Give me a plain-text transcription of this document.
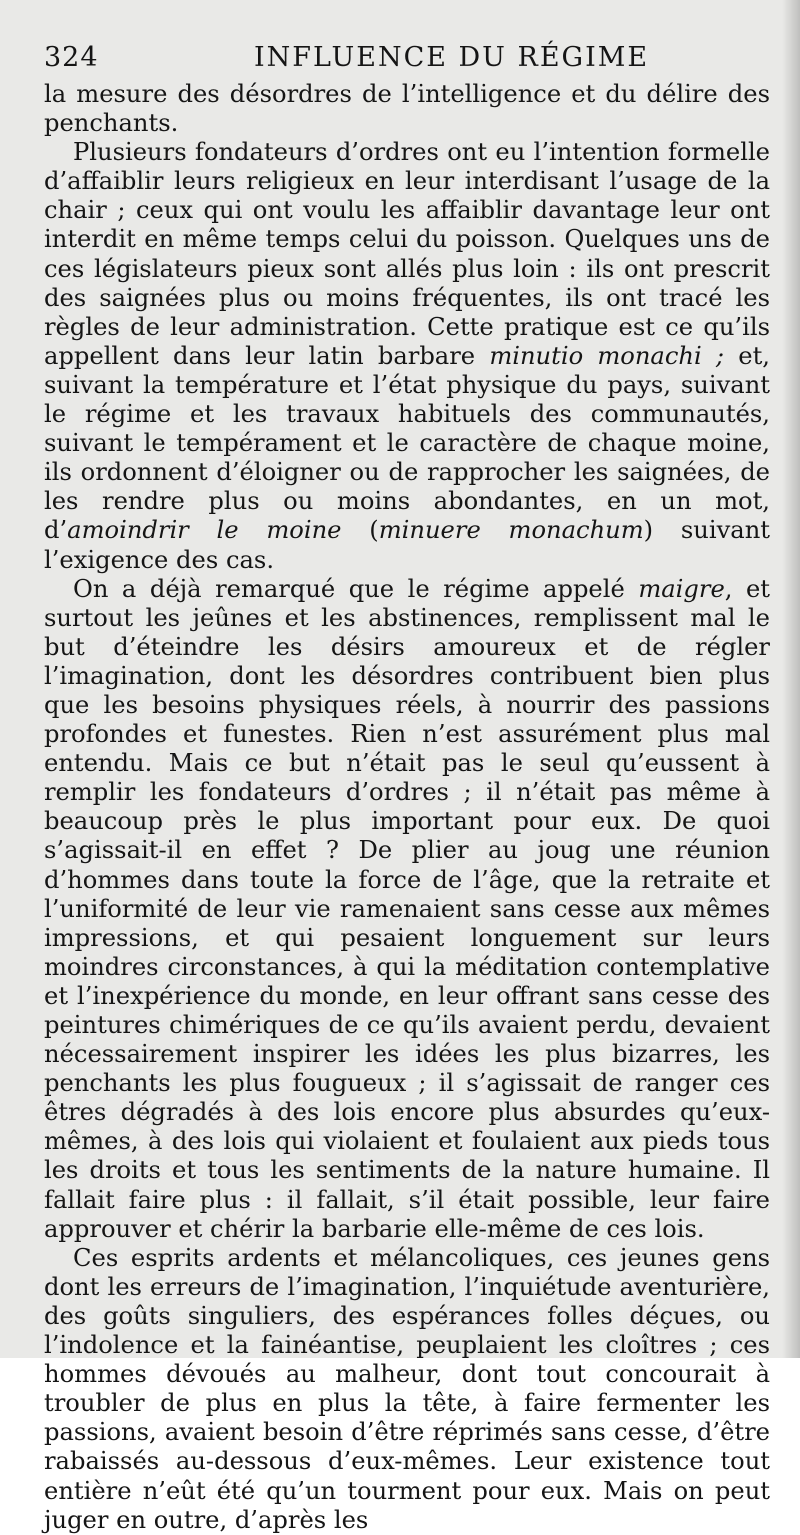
324	INFLUENCE DU RÉGIME

la mesure des désordres de l’intelligence et du délire des penchants.

Plusieurs fondateurs d’ordres ont eu l’intention formelle d’affaiblir leurs religieux en leur interdisant l’usage de la chair ; ceux qui ont voulu les affaiblir davantage leur ont interdit en même temps celui du poisson. Quelques uns de ces législateurs pieux sont allés plus loin : ils ont prescrit des saignées plus ou moins fréquentes, ils ont tracé les règles de leur administration. Cette pratique est ce qu’ils appellent dans leur latin barbare minutio monachi ; et, suivant la température et l’état physique du pays, suivant le régime et les travaux habituels des communautés, suivant le tempérament et le caractère de chaque moine, ils ordonnent d’éloigner ou de rapprocher les saignées, de les rendre plus ou moins abondantes, en un mot, d’amoindrir le moine (minuere monachum) suivant l’exigence des cas.

On a déjà remarqué que le régime appelé maigre, et surtout les jeûnes et les abstinences, remplissent mal le but d’éteindre les désirs amoureux et de régler l’imagination, dont les désordres contribuent bien plus que les besoins physiques réels, à nourrir des passions profondes et funestes. Rien n’est assurément plus mal entendu. Mais ce but n’était pas le seul qu’eussent à remplir les fondateurs d’ordres ; il n’était pas même à beaucoup près le plus important pour eux. De quoi s’agissait-il en effet ? De plier au joug une réunion d’hommes dans toute la force de l’âge, que la retraite et l’uniformité de leur vie ramenaient sans cesse aux mêmes impressions, et qui pesaient longuement sur leurs moindres circonstances, à qui la méditation contemplative et l’inexpérience du monde, en leur offrant sans cesse des peintures chimériques de ce qu’ils avaient perdu, devaient nécessairement inspirer les idées les plus bizarres, les penchants les plus fougueux ; il s’agissait de ranger ces êtres dégradés à des lois encore plus absurdes qu’eux-mêmes, à des lois qui violaient et foulaient aux pieds tous les droits et tous les sentiments de la nature humaine. Il fallait faire plus : il fallait, s’il était possible, leur faire approuver et chérir la barbarie elle-même de ces lois.

Ces esprits ardents et mélancoliques, ces jeunes gens dont les erreurs de l’imagination, l’inquiétude aventurière, des goûts singuliers, des espérances folles déçues, ou l’indolence et la fainéantise, peuplaient les cloîtres ; ces hommes dévoués au malheur, dont tout concourait à troubler de plus en plus la tête, à faire fermenter les passions, avaient besoin d’être réprimés sans cesse, d’être rabaissés au-dessous d’eux-mêmes. Leur existence tout entière n’eût été qu’un tourment pour eux. Mais on peut juger en outre, d’après les
